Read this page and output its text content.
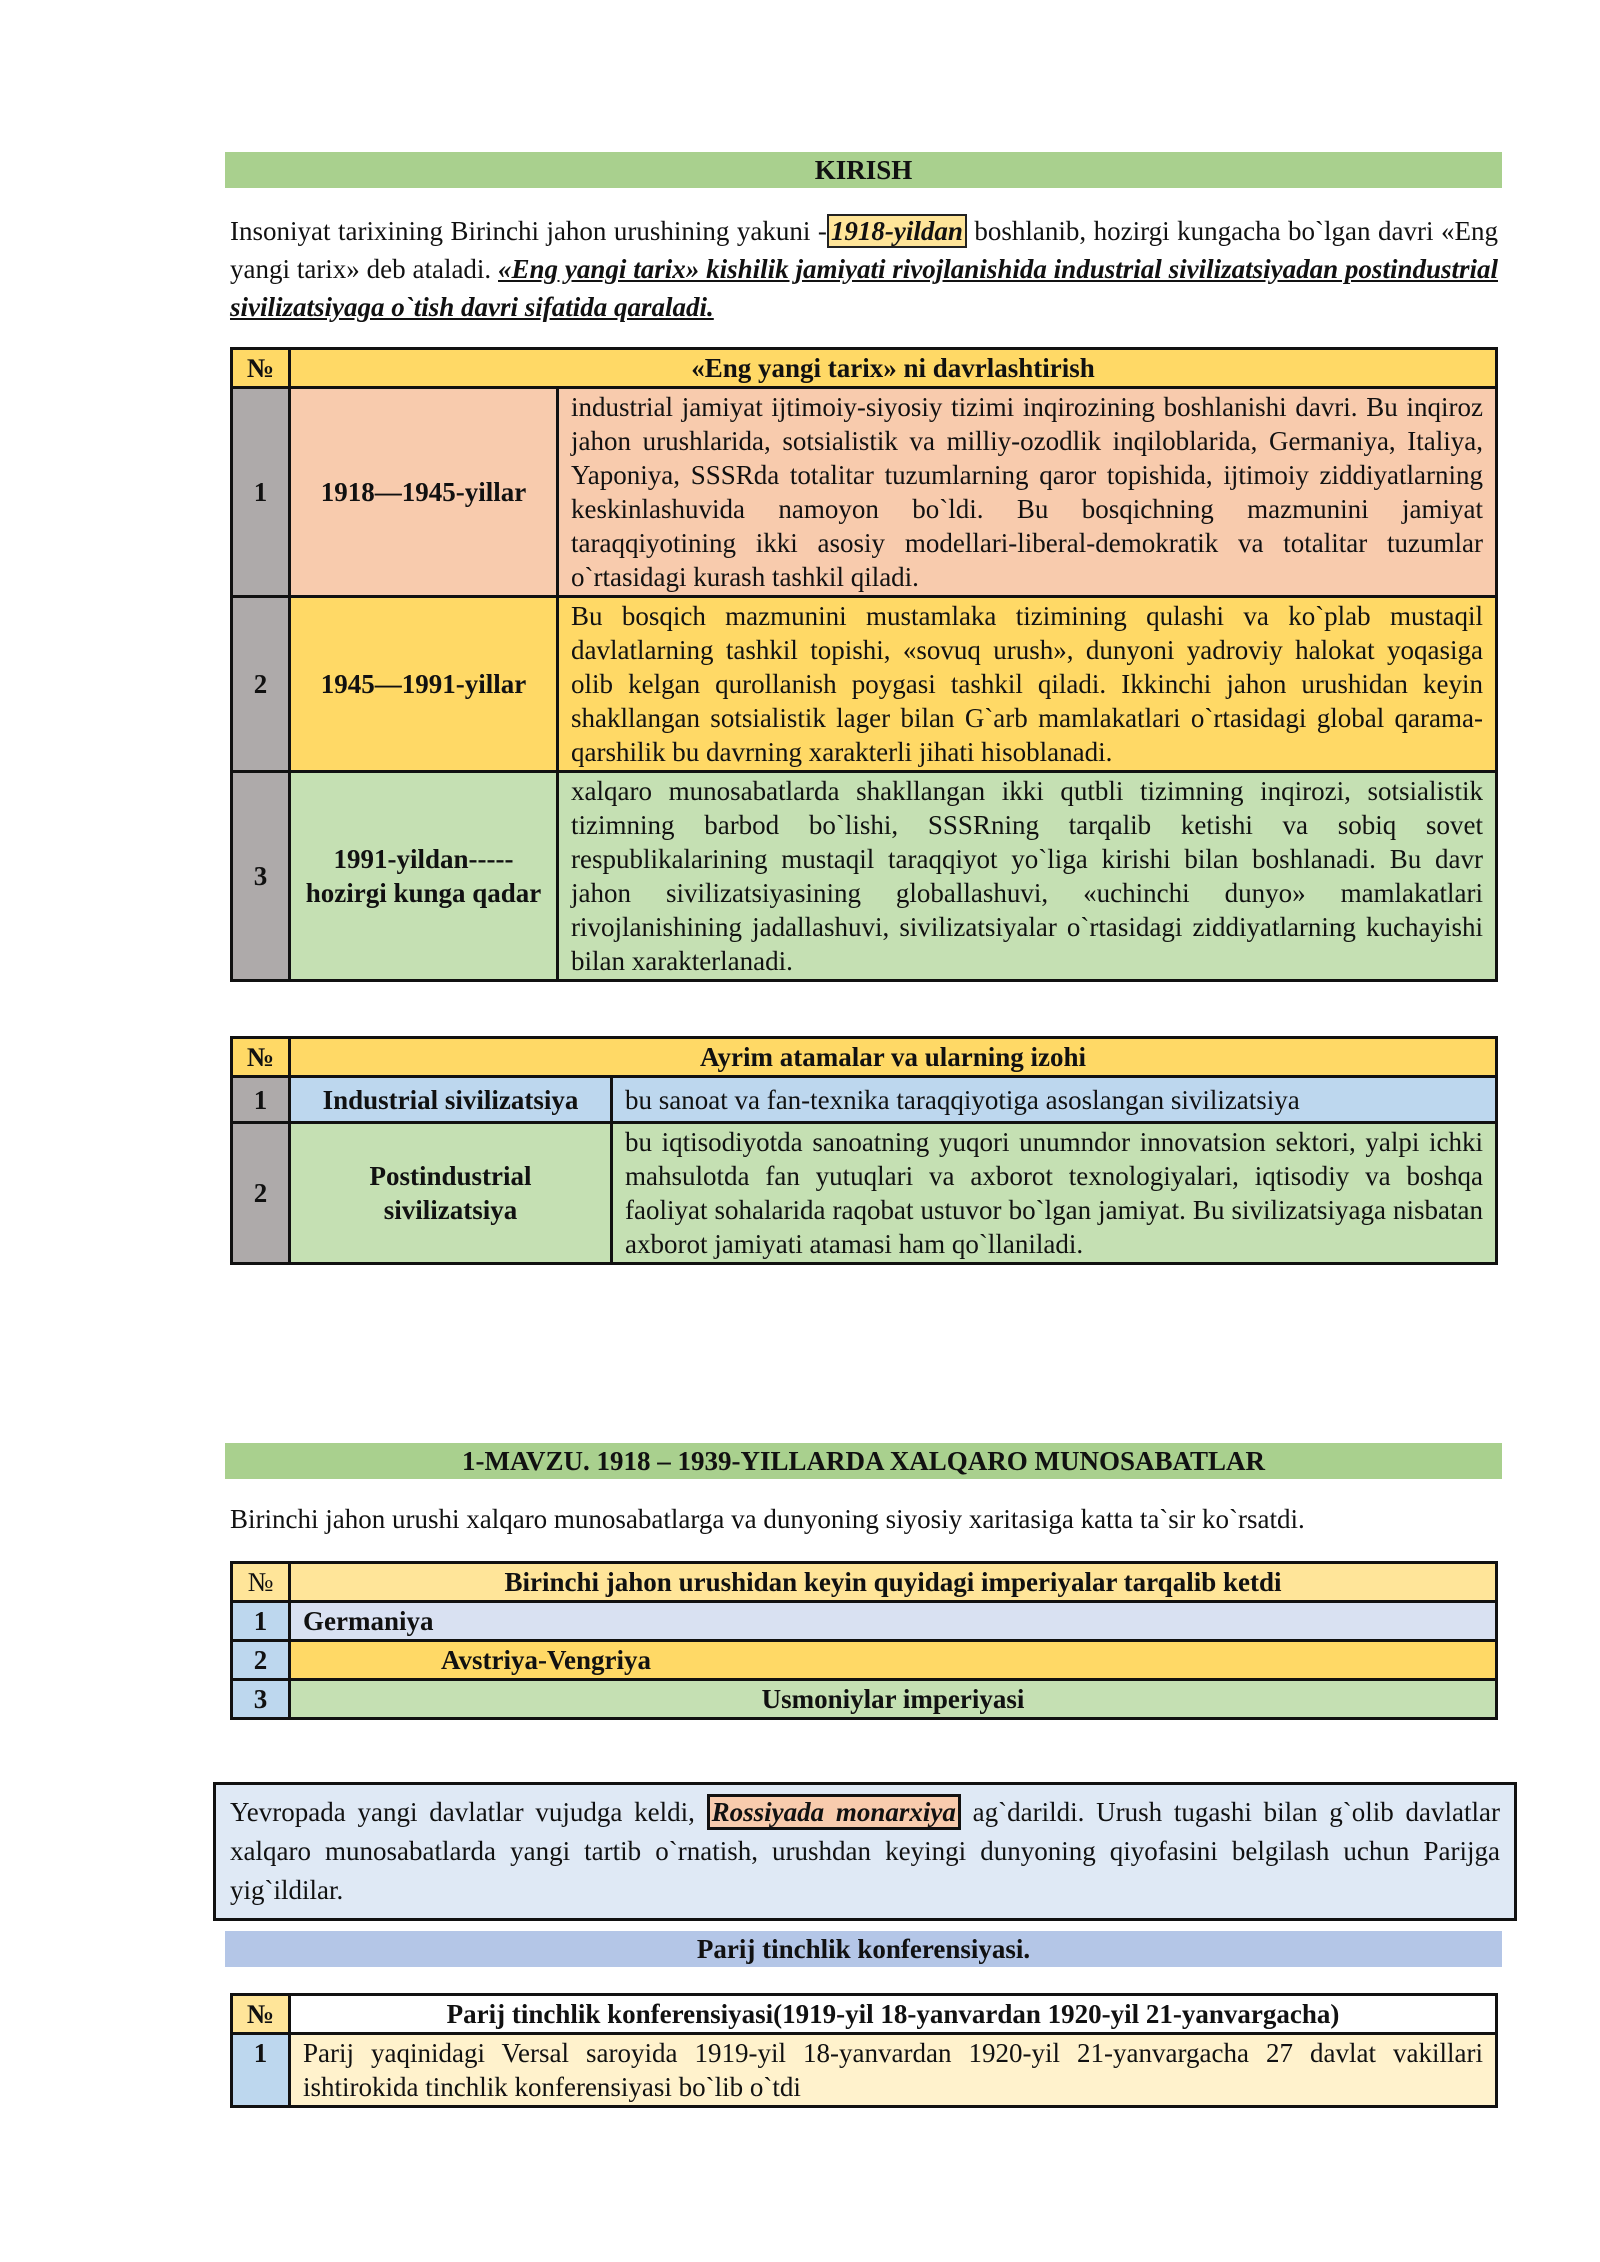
KIRISH
Insoniyat tarixining Birinchi jahon urushining yakuni - 1918-yildan boshlanib, hozirgi kungacha bo`lgan davri «Eng yangi tarix» deb ataladi. «Eng yangi tarix» kishilik jamiyati rivojlanishida industrial sivilizatsiyadan postindustrial sivilizatsiyaga o`tish davri sifatida qaraladi.
№	«Eng yangi tarix» ni davrlashtirish	
1	1918—1945-yillar	industrial jamiyat ijtimoiy-siyosiy tizimi inqirozining boshlanishi davri. Bu inqiroz jahon urushlarida, sotsialistik va milliy-ozodlik inqiloblarida, Germaniya, Italiya, Yaponiya, SSSRda totalitar tuzumlarning qaror topishida, ijtimoiy ziddiyatlarning keskinlashuvida namoyon bo`ldi. Bu bosqichning mazmunini jamiyat taraqqiyotining ikki asosiy modellari-liberal-demokratik va totalitar tuzumlar o`rtasidagi kurash tashkil qiladi.
2	1945—1991-yillar	Bu bosqich mazmunini mustamlaka tizimining qulashi va ko`plab mustaqil davlatlarning tashkil topishi, «sovuq urush», dunyoni yadroviy halokat yoqasiga olib kelgan qurollanish poygasi tashkil qiladi. Ikkinchi jahon urushidan keyin shakllangan sotsialistik lager bilan G`arb mamlakatlari o`rtasidagi global qarama-qarshilik bu davrning xarakterli jihati hisoblanadi.
3	1991-yildan----- hozirgi kunga qadar	xalqaro munosabatlarda shakllangan ikki qutbli tizimning inqirozi, sotsialistik tizimning barbod bo`lishi, SSSRning tarqalib ketishi va sobiq sovet respublikalarining mustaqil taraqqiyot yo`liga kirishi bilan boshlanadi. Bu davr jahon sivilizatsiyasining globallashuvi, «uchinchi dunyo» mamlakatlari rivojlanishining jadallashuvi, sivilizatsiyalar o`rtasidagi ziddiyatlarning kuchayishi bilan xarakterlanadi.
№	Ayrim atamalar va ularning izohi	
1	Industrial sivilizatsiya	bu sanoat va fan-texnika taraqqiyotiga asoslangan sivilizatsiya
2	Postindustrial sivilizatsiya	bu iqtisodiyotda sanoatning yuqori unumndor innovatsion sektori, yalpi ichki mahsulotda fan yutuqlari va axborot texnologiyalari, iqtisodiy va boshqa faoliyat sohalarida raqobat ustuvor bo`lgan jamiyat. Bu sivilizatsiyaga nisbatan axborot jamiyati atamasi ham qo`llaniladi.
1-MAVZU. 1918 – 1939-YILLARDA XALQARO MUNOSABATLAR
Birinchi jahon urushi xalqaro munosabatlarga va dunyoning siyosiy xaritasiga katta ta`sir ko`rsatdi.
№	Birinchi jahon urushidan keyin quyidagi imperiyalar tarqalib ketdi
1	Germaniya
2	Avstriya-Vengriya
3	Usmoniylar imperiyasi
Yevropada yangi davlatlar vujudga keldi, Rossiyada monarxiya ag`darildi. Urush tugashi bilan g`olib davlatlar xalqaro munosabatlarda yangi tartib o`rnatish, urushdan keyingi dunyoning qiyofasini belgilash uchun Parijga yig`ildilar.
Parij tinchlik konferensiyasi.
№	Parij tinchlik konferensiyasi(1919-yil 18-yanvardan 1920-yil 21-yanvargacha)
1	Parij yaqinidagi Versal saroyida 1919-yil 18-yanvardan 1920-yil 21-yanvargacha 27 davlat vakillari ishtirokida tinchlik konferensiyasi bo`lib o`tdi
